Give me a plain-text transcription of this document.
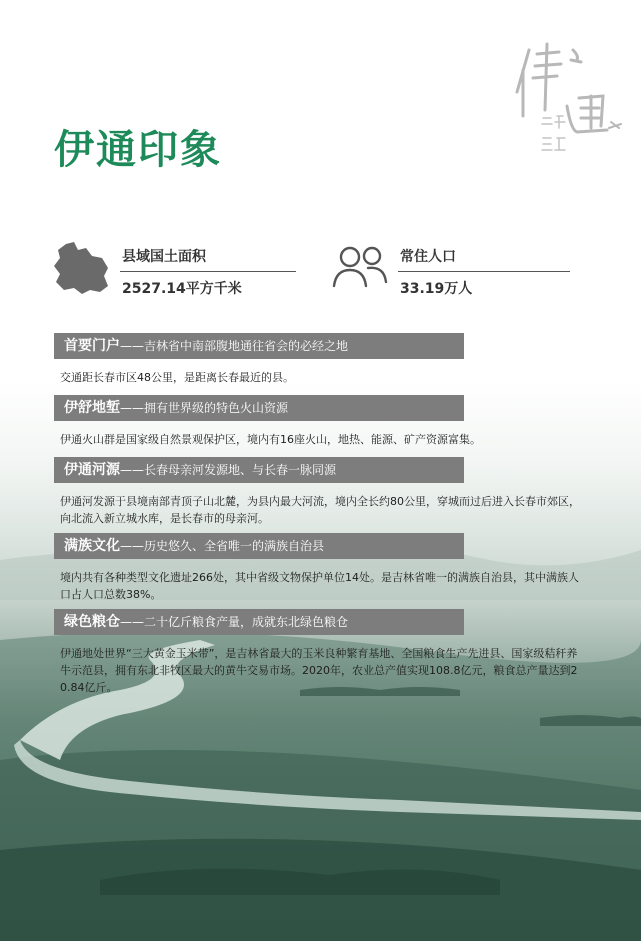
伊通印象
县域国土面积
2527.14平方千米
常住人口
33.19万人
首要门户——吉林省中南部腹地通往省会的必经之地
交通距长春市区48公里，是距离长春最近的县。
伊舒地堑——拥有世界级的特色火山资源
伊通火山群是国家级自然景观保护区，境内有16座火山，地热、能源、矿产资源富集。
伊通河源——长春母亲河发源地、与长春一脉同源
伊通河发源于县境南部青顶子山北麓，为县内最大河流，境内全长约80公里，穿城而过后进入长春市郊区，向北流入新立城水库，是长春市的母亲河。
满族文化——历史悠久、全省唯一的满族自治县
境内共有各种类型文化遗址266处，其中省级文物保护单位14处。是吉林省唯一的满族自治县，其中满族人口占人口总数38%。
绿色粮仓——二十亿斤粮食产量，成就东北绿色粮仓
伊通地处世界“三大黄金玉米带”，是吉林省最大的玉米良种繁育基地、全国粮食生产先进县、国家级秸秆养牛示范县，拥有东北非牧区最大的黄牛交易市场。2020年，农业总产值实现108.8亿元，粮食总产量达到20.84亿斤。
